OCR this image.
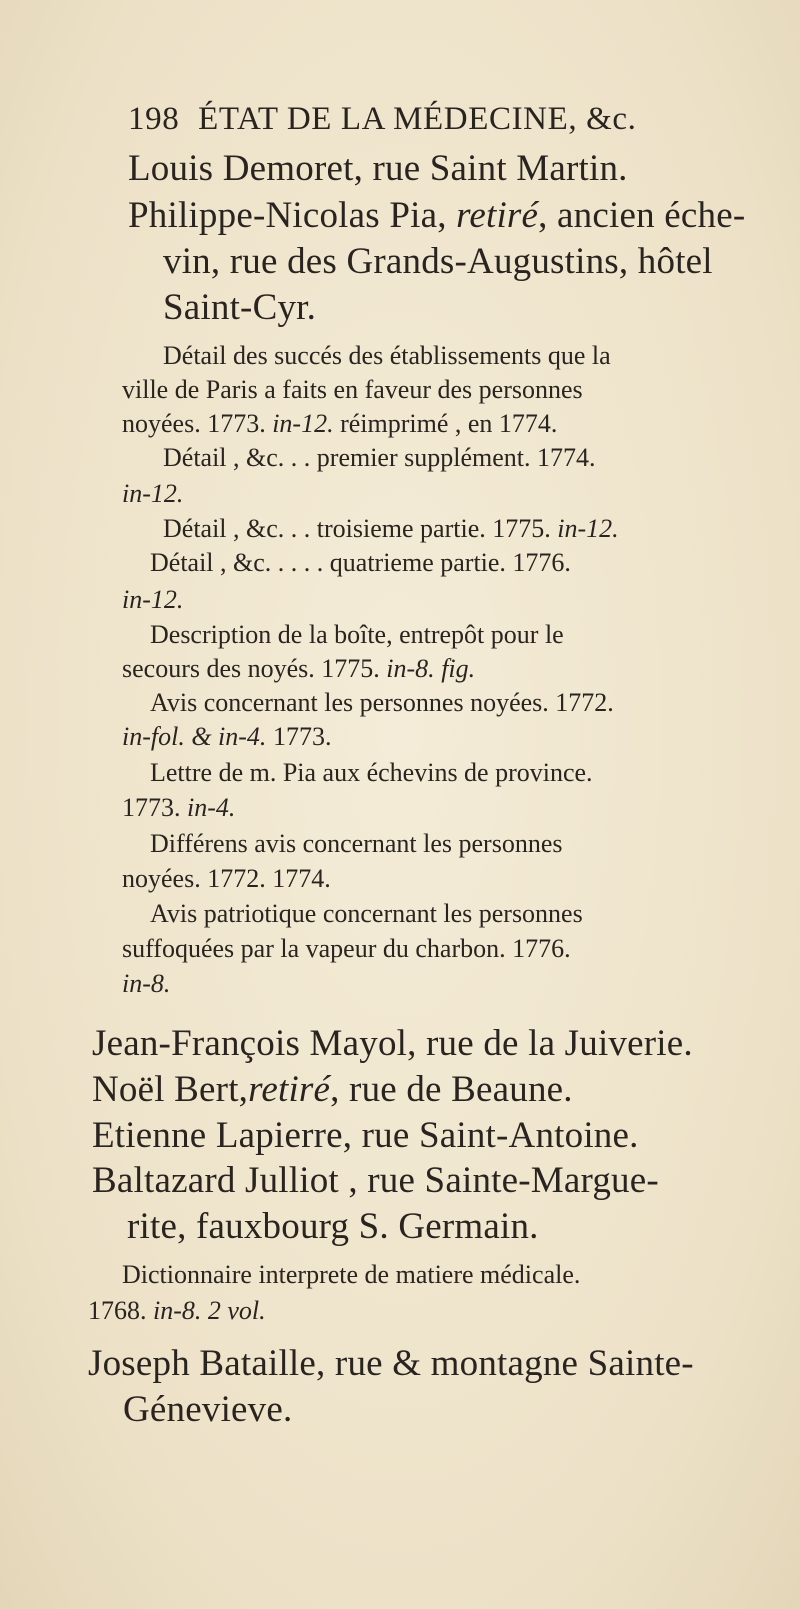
198 ÉTAT DE LA MÉDECINE, &c.
Louis Demoret, rue Saint Martin.
Philippe-Nicolas Pia, retiré, ancien éche-
vin, rue des Grands-Augustins, hôtel
Saint-Cyr.
Détail des succés des établissements que la
ville de Paris a faits en faveur des personnes
noyées. 1773. in-12. réimprimé , en 1774.
Détail , &c. . . premier supplément. 1774.
in-12.
Détail , &c. . . troisieme partie. 1775. in-12.
Détail , &c. . . . . quatrieme partie. 1776.
in-12.
Description de la boîte, entrepôt pour le
secours des noyés. 1775. in-8. fig.
Avis concernant les personnes noyées. 1772.
in-fol. & in-4. 1773.
Lettre de m. Pia aux échevins de province.
1773. in-4.
Différens avis concernant les personnes
noyées. 1772. 1774.
Avis patriotique concernant les personnes
suffoquées par la vapeur du charbon. 1776.
in-8.
Jean-François Mayol, rue de la Juiverie.
Noël Bert,retiré, rue de Beaune.
Etienne Lapierre, rue Saint-Antoine.
Baltazard Julliot , rue Sainte-Margue-
rite, fauxbourg S. Germain.
Dictionnaire interprete de matiere médicale.
1768. in-8. 2 vol.
Joseph Bataille, rue & montagne Sainte-
Génevieve.
